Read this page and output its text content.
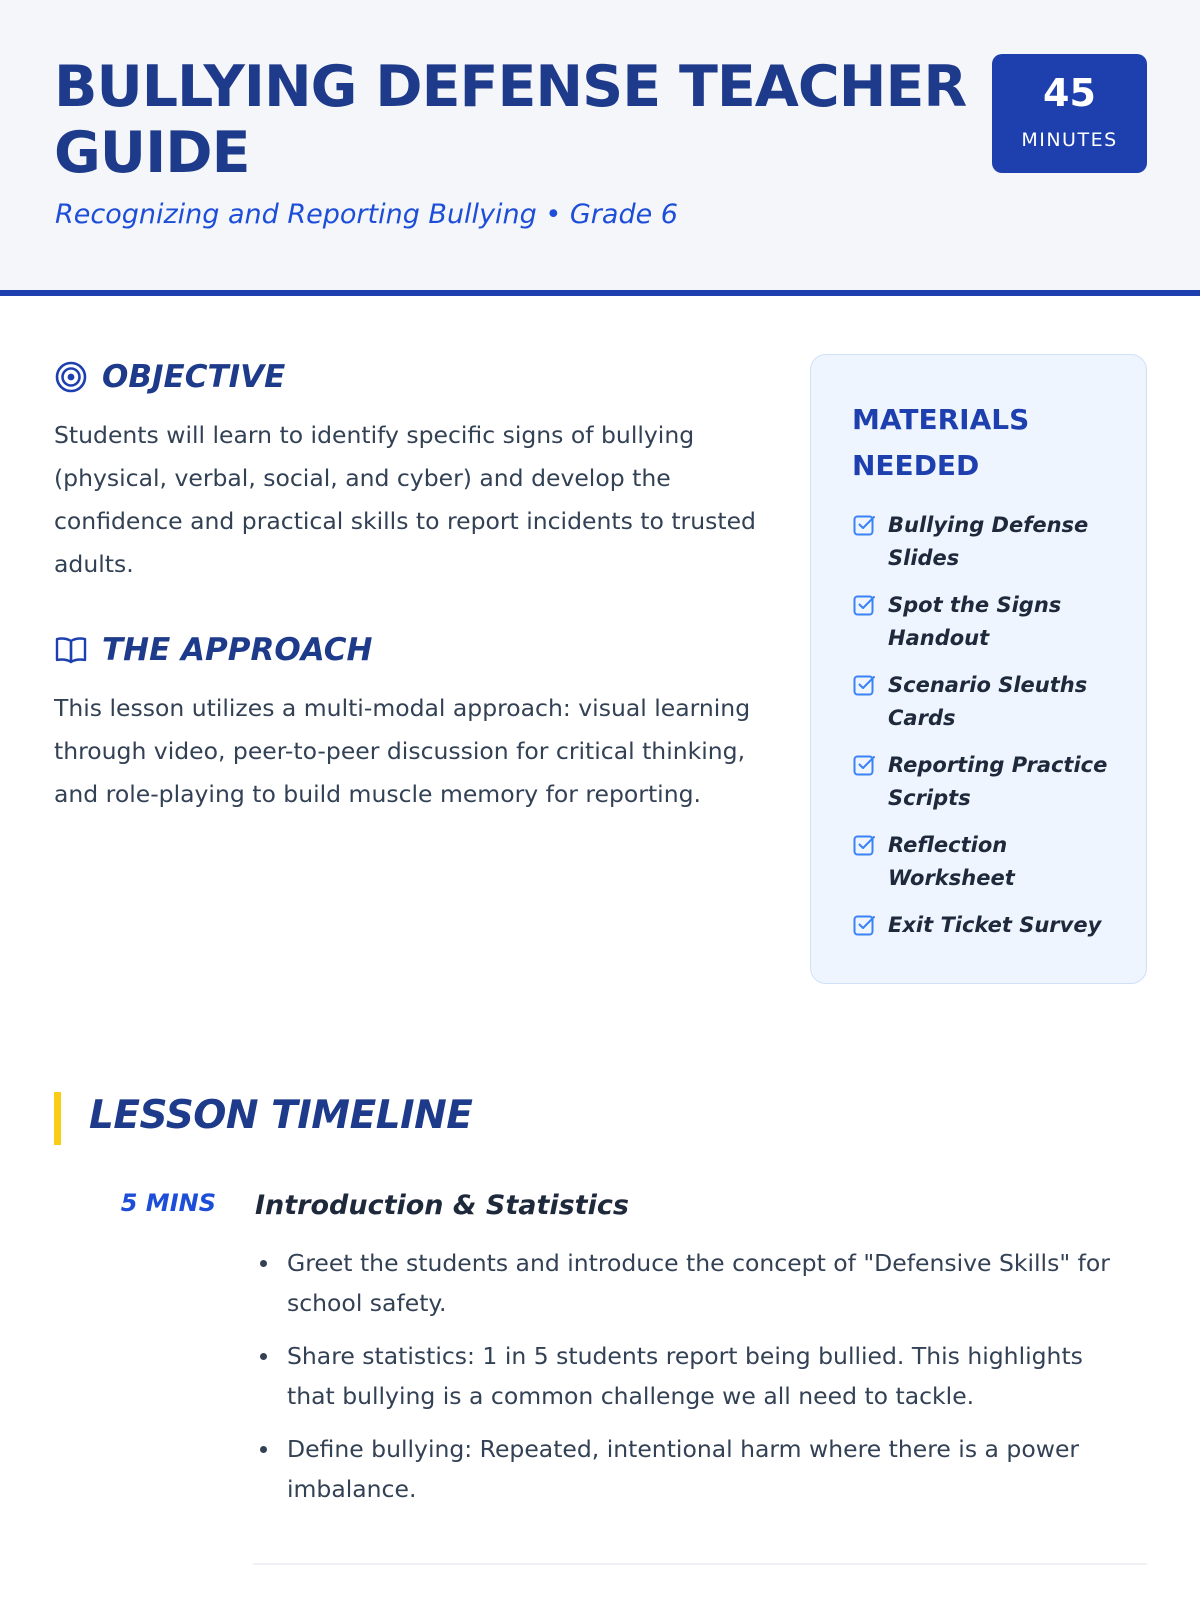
BULLYING DEFENSE TEACHER GUIDE

Recognizing and Reporting Bullying • Grade 6

45
MINUTES
OBJECTIVE

Students will learn to identify specific signs of bullying (physical, verbal, social, and cyber) and develop the confidence and practical skills to report incidents to trusted adults.

THE APPROACH

This lesson utilizes a multi-modal approach: visual learning through video, peer-to-peer discussion for critical thinking, and role-playing to build muscle memory for reporting.

MATERIALS NEEDED
Bullying Defense Slides
Spot the Signs Handout
Scenario Sleuths Cards
Reporting Practice Scripts
Reflection Worksheet
Exit Ticket Survey
LESSON TIMELINE
5 MINS Introduction & Statistics
Greet the students and introduce the concept of "Defensive Skills" for school safety.
Share statistics: 1 in 5 students report being bullied. This highlights that bullying is a common challenge we all need to tackle.
Define bullying: Repeated, intentional harm where there is a power imbalance.
